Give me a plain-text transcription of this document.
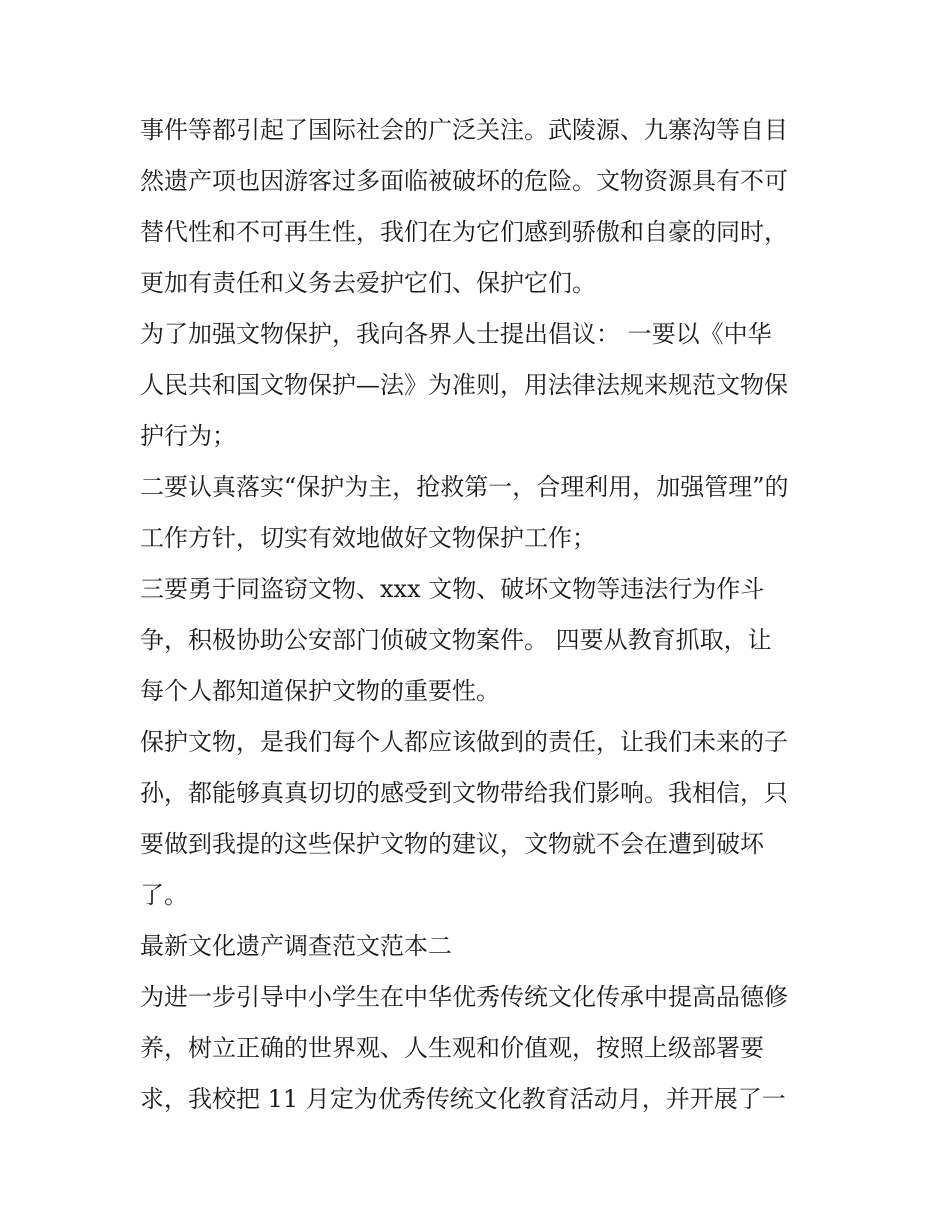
事件等都引起了国际社会的广泛关注。武陵源、九寨沟等自目
然遗产项也因游客过多面临被破坏的危险。文物资源具有不可
替代性和不可再生性，我们在为它们感到骄傲和自豪的同时，
更加有责任和义务去爱护它们、保护它们。
为了加强文物保护，我向各界人士提出倡议： 一要以《中华
人民共和国文物保护—法》为准则，用法律法规来规范文物保
护行为；
二要认真落实“保护为主，抢救第一，合理利用，加强管理”的
工作方针，切实有效地做好文物保护工作；
三要勇于同盗窃文物、xxx 文物、破坏文物等违法行为作斗
争，积极协助公安部门侦破文物案件。 四要从教育抓取，让
每个人都知道保护文物的重要性。
保护文物，是我们每个人都应该做到的责任，让我们未来的子
孙，都能够真真切切的感受到文物带给我们影响。我相信，只
要做到我提的这些保护文物的建议，文物就不会在遭到破坏
了。
最新文化遗产调查范文范本二
为进一步引导中小学生在中华优秀传统文化传承中提高品德修
养，树立正确的世界观、人生观和价值观，按照上级部署要
求，我校把 11 月定为优秀传统文化教育活动月，并开展了一
